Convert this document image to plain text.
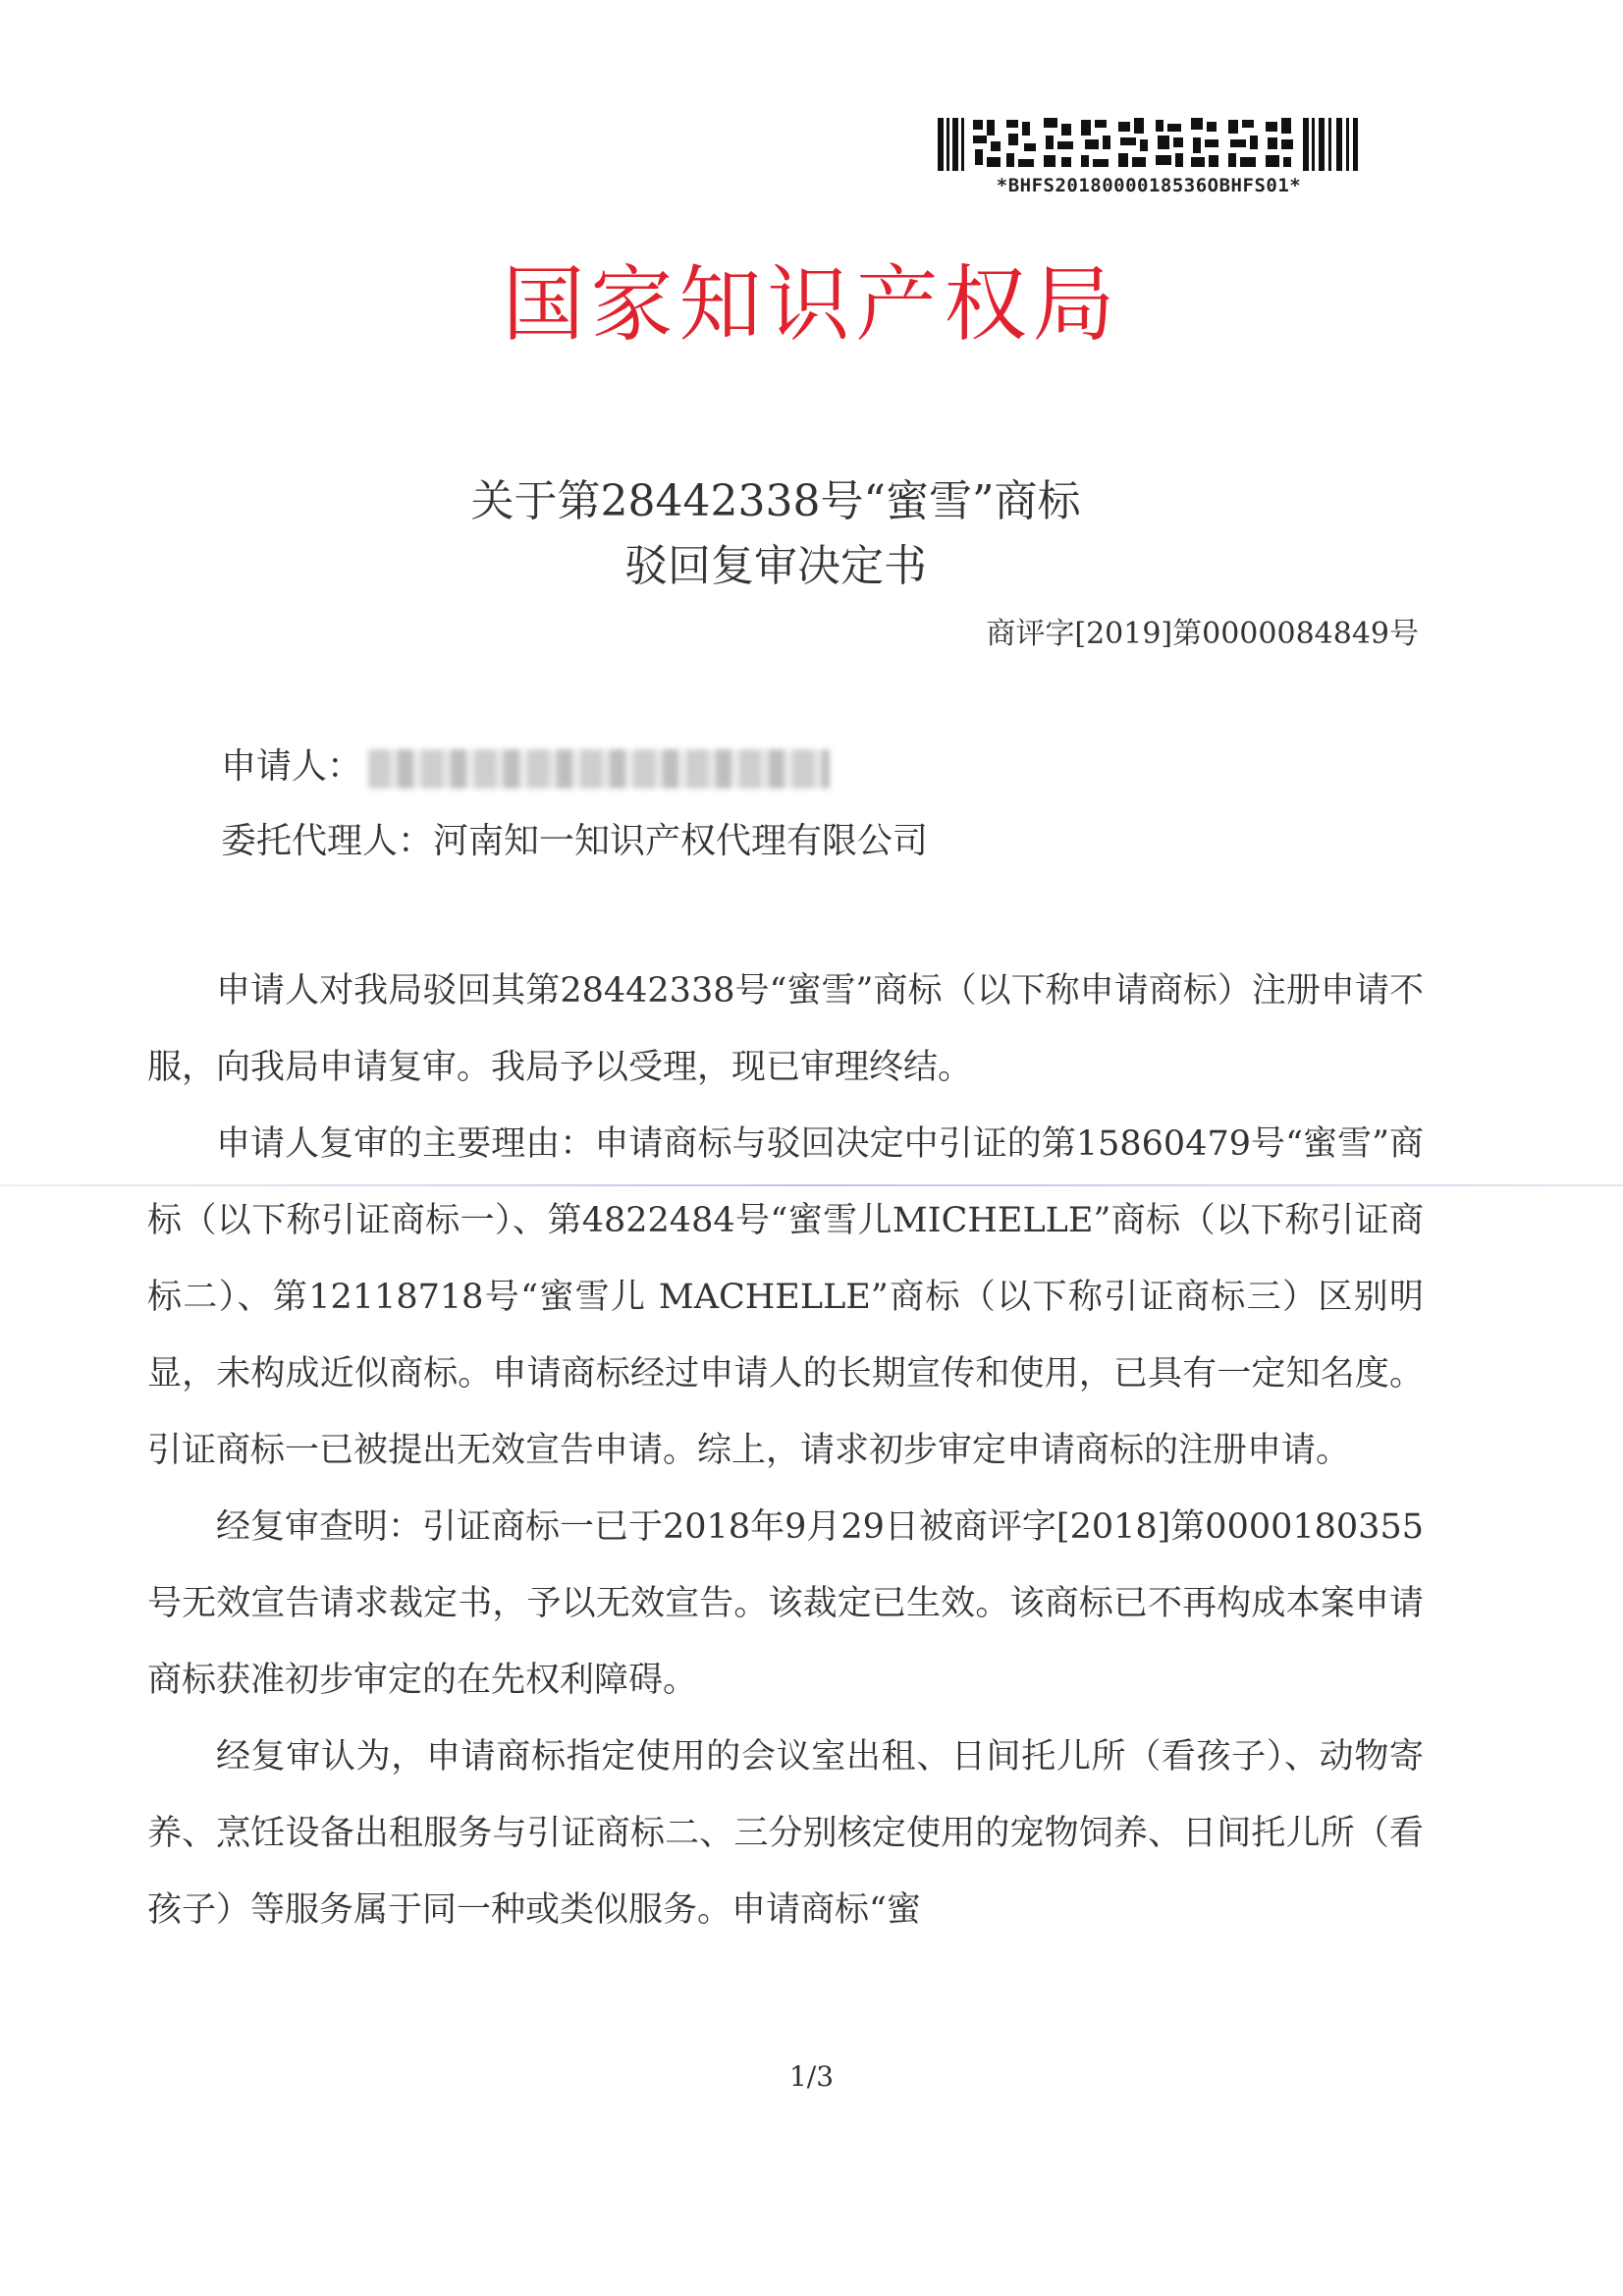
*BHFS2018000018536OBHFS01*
国家知识产权局
关于第28442338号“蜜雪”商标
驳回复审决定书
商评字[2019]第0000084849号
申请人：
委托代理人：河南知一知识产权代理有限公司

申请人对我局驳回其第28442338号“蜜雪”商标（以下称申请商标）注册申请不服，向我局申请复审。我局予以受理，现已审理终结。

申请人复审的主要理由：申请商标与驳回决定中引证的第15860479号“蜜雪”商标（以下称引证商标一）、第4822484号“蜜雪儿MICHELLE”商标（以下称引证商标二）、第12118718号“蜜雪儿 MACHELLE”商标（以下称引证商标三）区别明显，未构成近似商标。申请商标经过申请人的长期宣传和使用，已具有一定知名度。引证商标一已被提出无效宣告申请。综上，请求初步审定申请商标的注册申请。

经复审查明：引证商标一已于2018年9月29日被商评字[2018]第0000180355号无效宣告请求裁定书，予以无效宣告。该裁定已生效。该商标已不再构成本案申请商标获准初步审定的在先权利障碍。

经复审认为，申请商标指定使用的会议室出租、日间托儿所（看孩子）、动物寄养、烹饪设备出租服务与引证商标二、三分别核定使用的宠物饲养、日间托儿所（看孩子）等服务属于同一种或类似服务。申请商标“蜜

1/3
